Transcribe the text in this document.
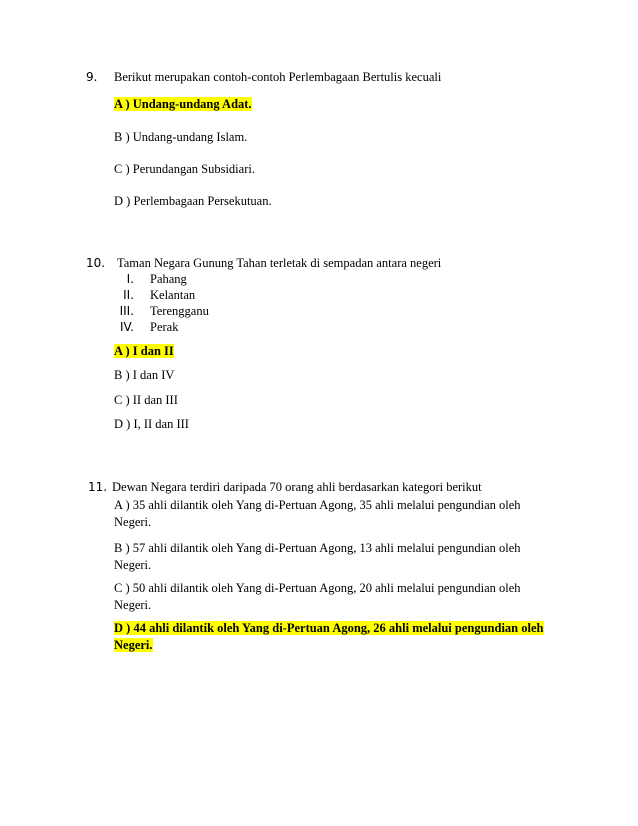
9. Berikut merupakan contoh-contoh Perlembagaan Bertulis kecuali
A ) Undang-undang Adat.
B ) Undang-undang Islam.
C ) Perundangan Subsidiari.
D ) Perlembagaan Persekutuan.
10. Taman Negara Gunung Tahan terletak di sempadan antara negeri
I. Pahang
II. Kelantan
III. Terengganu
IV. Perak
A ) I dan II
B ) I dan IV
C ) II dan III
D ) I, II dan III
11. Dewan Negara terdiri daripada 70 orang ahli berdasarkan kategori berikut
A ) 35 ahli dilantik oleh Yang di-Pertuan Agong, 35 ahli melalui pengundian oleh Negeri.
B ) 57 ahli dilantik oleh Yang di-Pertuan Agong, 13 ahli melalui pengundian oleh Negeri.
C ) 50 ahli dilantik oleh Yang di-Pertuan Agong, 20 ahli melalui pengundian oleh Negeri.
D ) 44 ahli dilantik oleh Yang di-Pertuan Agong, 26 ahli melalui pengundian oleh Negeri.
